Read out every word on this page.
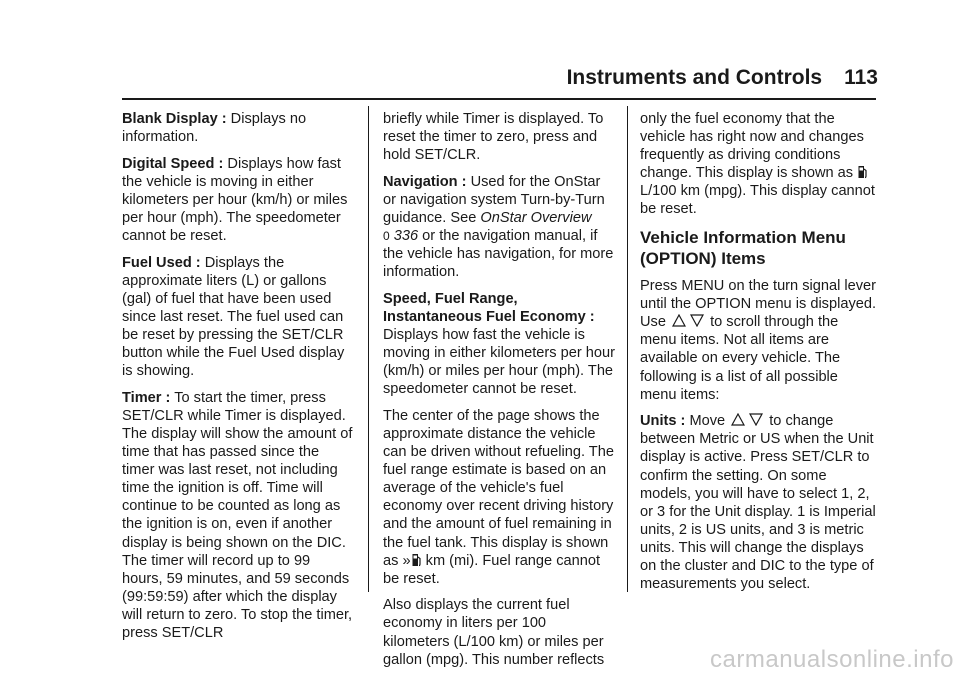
Instruments and Controls 113

Blank Display : Displays no information.

Digital Speed : Displays how fast the vehicle is moving in either kilometers per hour (km/h) or miles per hour (mph). The speedometer cannot be reset.

Fuel Used : Displays the approximate liters (L) or gallons (gal) of fuel that have been used since last reset. The fuel used can be reset by pressing the SET/CLR button while the Fuel Used display is showing.

Timer : To start the timer, press SET/CLR while Timer is displayed. The display will show the amount of time that has passed since the timer was last reset, not including time the ignition is off. Time will continue to be counted as long as the ignition is on, even if another display is being shown on the DIC. The timer will record up to 99 hours, 59 minutes, and 59 seconds (99:59:59) after which the display will return to zero. To stop the timer, press SET/CLR

briefly while Timer is displayed. To reset the timer to zero, press and hold SET/CLR.

Navigation : Used for the OnStar or navigation system Turn-by-Turn guidance. See OnStar Overview
0 336 or the navigation manual, if the vehicle has navigation, for more information.

Speed, Fuel Range, Instantaneous Fuel Economy : Displays how fast the vehicle is moving in either kilometers per hour (km/h) or miles per hour (mph). The speedometer cannot be reset.

The center of the page shows the approximate distance the vehicle can be driven without refueling. The fuel range estimate is based on an average of the vehicle's fuel economy over recent driving history and the amount of fuel remaining in the fuel tank. This display is shown as » km (mi). Fuel range cannot be reset.

Also displays the current fuel economy in liters per 100 kilometers (L/100 km) or miles per gallon (mpg). This number reflects

only the fuel economy that the vehicle has right now and changes frequently as driving conditions change. This display is shown as  L/100 km (mpg). This display cannot be reset.

Vehicle Information Menu (OPTION) Items

Press MENU on the turn signal lever until the OPTION menu is displayed. Use  to scroll through the menu items. Not all items are available on every vehicle. The following is a list of all possible menu items:

Units : Move  to change between Metric or US when the Unit display is active. Press SET/CLR to confirm the setting. On some models, you will have to select 1, 2, or 3 for the Unit display. 1 is Imperial units, 2 is US units, and 3 is metric units. This will change the displays on the cluster and DIC to the type of measurements you select.

carmanualsonline.info
